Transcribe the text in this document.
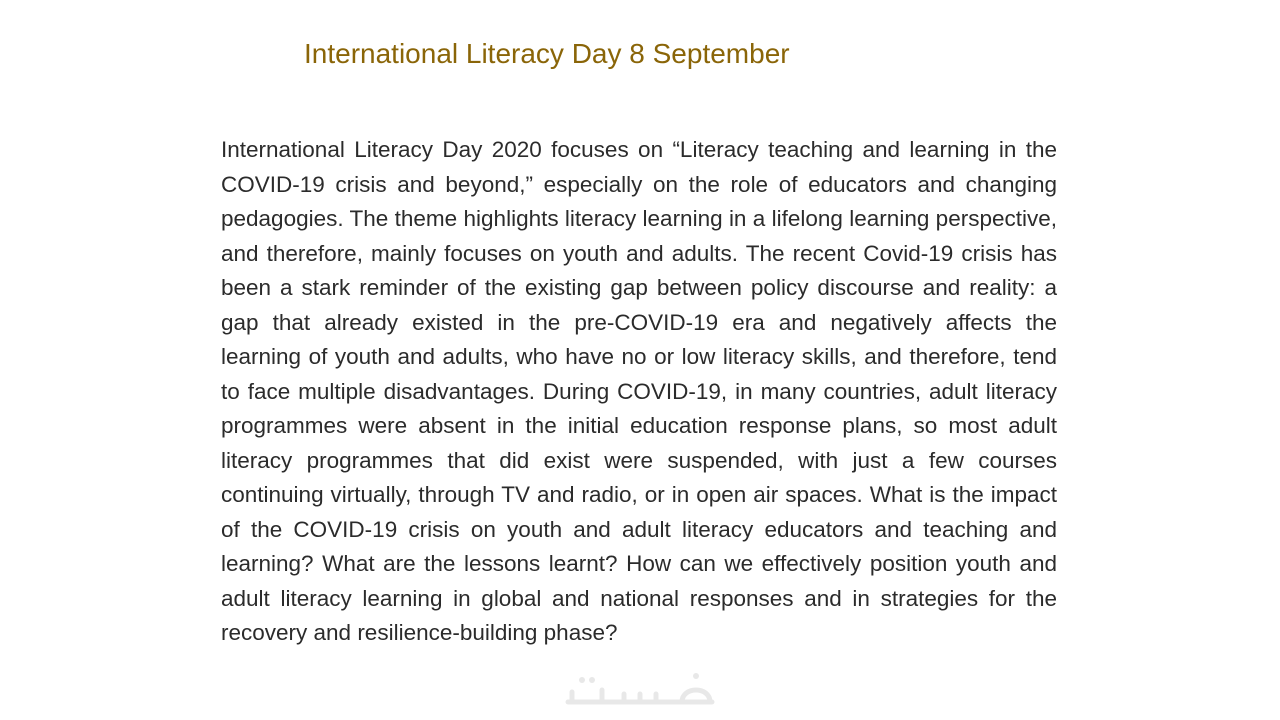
International Literacy Day 8 September

International Literacy Day 2020 focuses on “Literacy teaching and learning in the COVID-19 crisis and beyond,” especially on the role of educators and changing pedagogies. The theme highlights literacy learning in a lifelong learning perspective, and therefore, mainly focuses on youth and adults. The recent Covid-19 crisis has been a stark reminder of the existing gap between policy discourse and reality: a gap that already existed in the pre-COVID-19 era and negatively affects the learning of youth and adults, who have no or low literacy skills, and therefore, tend to face multiple disadvantages. During COVID-19, in many countries, adult literacy programmes were absent in the initial education response plans, so most adult literacy programmes that did exist were suspended, with just a few courses continuing virtually, through TV and radio, or in open air spaces. What is the impact of the COVID-19 crisis on youth and adult literacy educators and teaching and learning? What are the lessons learnt? How can we effectively position youth and adult literacy learning in global and national responses and in strategies for the recovery and resilience-building phase?
